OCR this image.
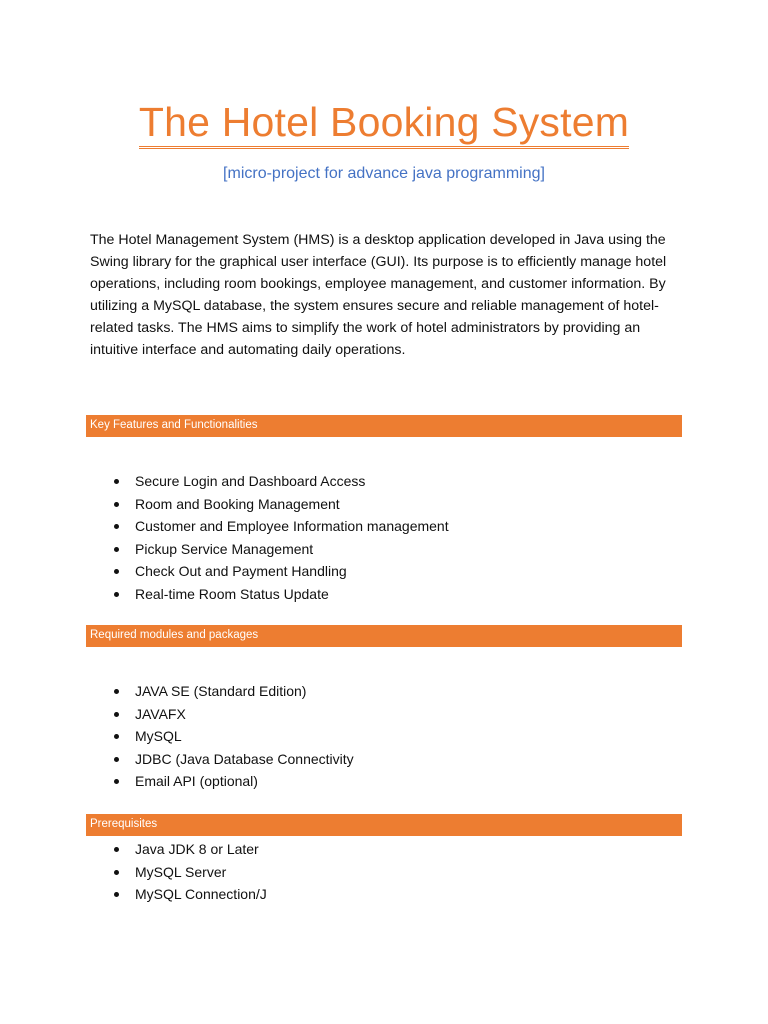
The Hotel Booking System
[micro-project for advance java programming]

The Hotel Management System (HMS) is a desktop application developed in Java using the Swing library for the graphical user interface (GUI). Its purpose is to efficiently manage hotel operations, including room bookings, employee management, and customer information. By utilizing a MySQL database, the system ensures secure and reliable management of hotel-related tasks. The HMS aims to simplify the work of hotel administrators by providing an intuitive interface and automating daily operations.

Key Features and Functionalities
Secure Login and Dashboard Access
Room and Booking Management
Customer and Employee Information management
Pickup Service Management
Check Out and Payment Handling
Real-time Room Status Update
Required modules and packages
JAVA SE (Standard Edition)
JAVAFX
MySQL
JDBC (Java Database Connectivity
Email API (optional)
Prerequisites
Java JDK 8 or Later
MySQL Server
MySQL Connection/J
